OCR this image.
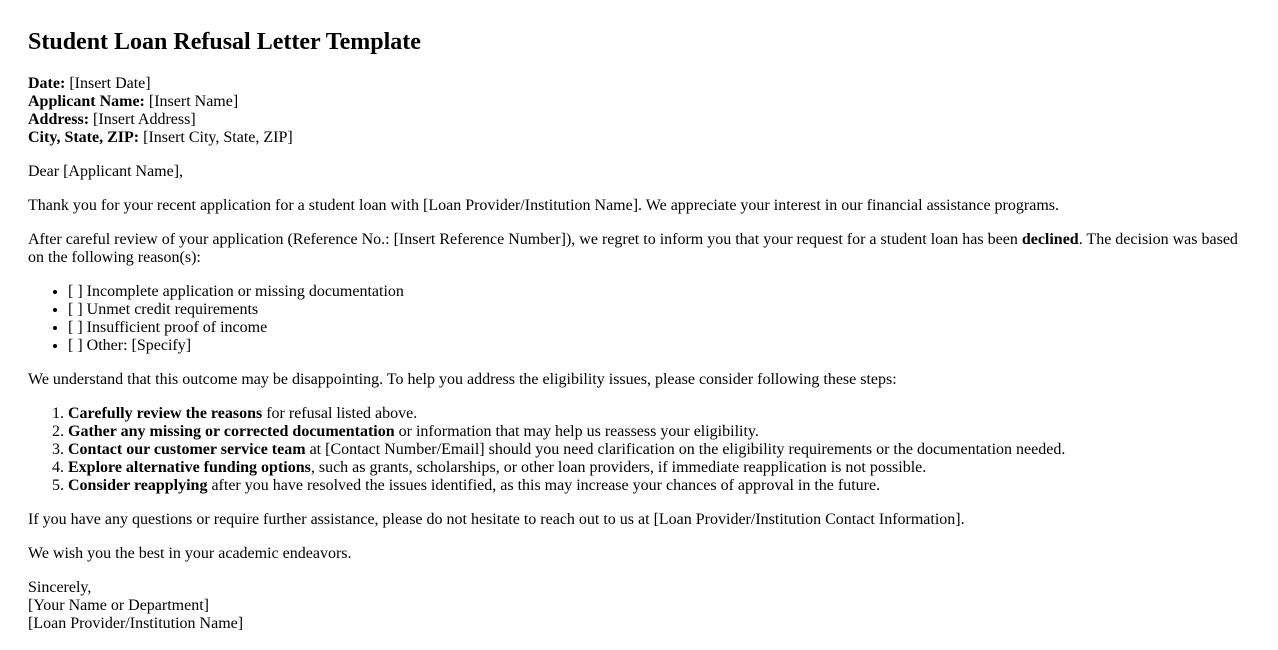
Student Loan Refusal Letter Template
Date: [Insert Date]
Applicant Name: [Insert Name]
Address: [Insert Address]
City, State, ZIP: [Insert City, State, ZIP]

Dear [Applicant Name],

Thank you for your recent application for a student loan with [Loan Provider/Institution Name]. We appreciate your interest in our financial assistance programs.

After careful review of your application (Reference No.: [Insert Reference Number]), we regret to inform you that your request for a student loan has been declined. The decision was based on the following reason(s):

• [ ] Incomplete application or missing documentation
• [ ] Unmet credit requirements
• [ ] Insufficient proof of income
• [ ] Other: [Specify]

We understand that this outcome may be disappointing. To help you address the eligibility issues, please consider following these steps:

1. Carefully review the reasons for refusal listed above.
2. Gather any missing or corrected documentation or information that may help us reassess your eligibility.
3. Contact our customer service team at [Contact Number/Email] should you need clarification on the eligibility requirements or the documentation needed.
4. Explore alternative funding options, such as grants, scholarships, or other loan providers, if immediate reapplication is not possible.
5. Consider reapplying after you have resolved the issues identified, as this may increase your chances of approval in the future.

If you have any questions or require further assistance, please do not hesitate to reach out to us at [Loan Provider/Institution Contact Information].

We wish you the best in your academic endeavors.

Sincerely,
[Your Name or Department]
[Loan Provider/Institution Name]
